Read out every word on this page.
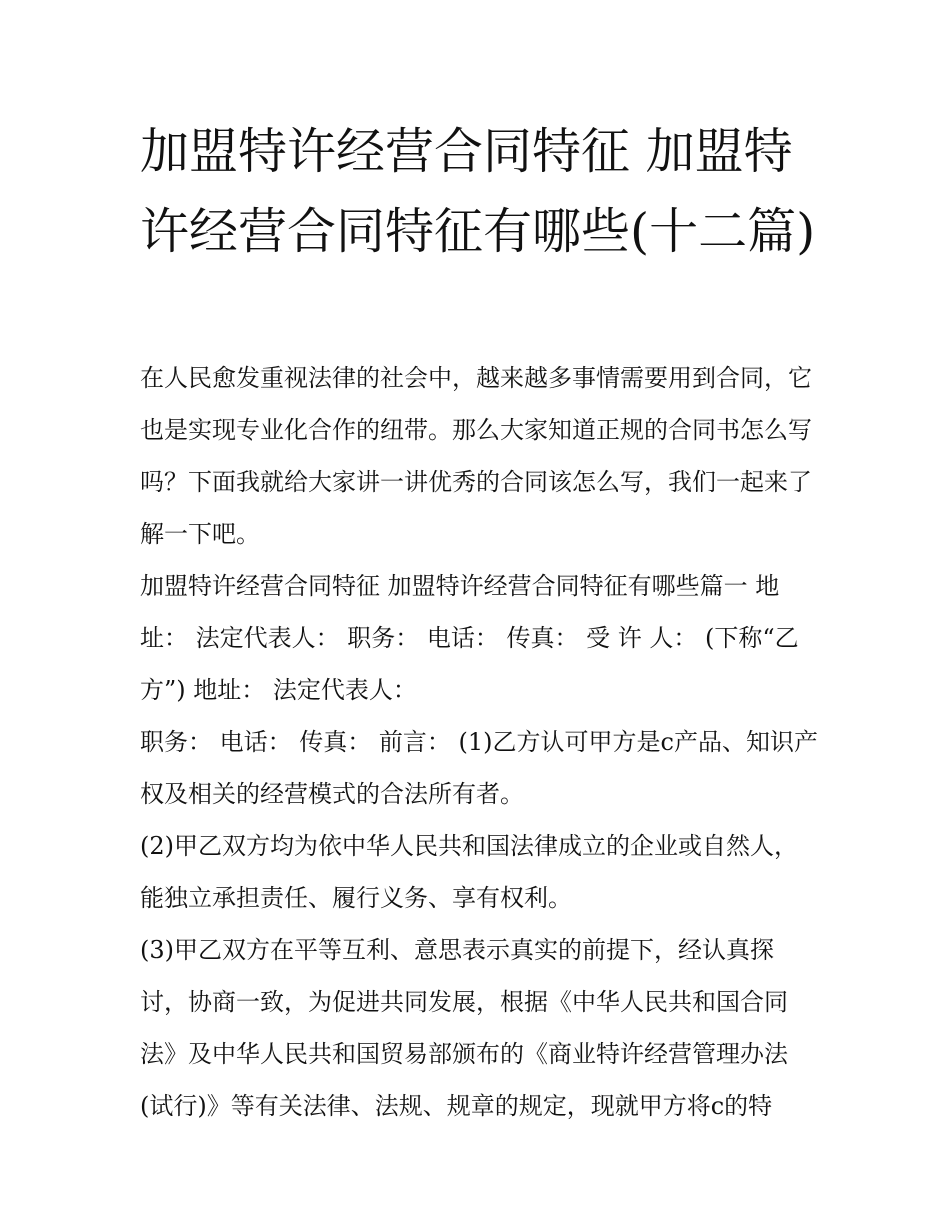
加盟特许经营合同特征 加盟特许经营合同特征有哪些(十二篇)

在人民愈发重视法律的社会中，越来越多事情需要用到合同，它也是实现专业化合作的纽带。那么大家知道正规的合同书怎么写吗？下面我就给大家讲一讲优秀的合同该怎么写，我们一起来了解一下吧。

加盟特许经营合同特征 加盟特许经营合同特征有哪些篇一 地址： 法定代表人： 职务： 电话： 传真： 受 许 人： (下称“乙方”) 地址： 法定代表人：

职务： 电话： 传真： 前言： (1)乙方认可甲方是c产品、知识产权及相关的经营模式的合法所有者。

(2)甲乙双方均为依中华人民共和国法律成立的企业或自然人，能独立承担责任、履行义务、享有权利。

(3)甲乙双方在平等互利、意思表示真实的前提下，经认真探讨，协商一致，为促进共同发展，根据《中华人民共和国合同法》及中华人民共和国贸易部颁布的《商业特许经营管理办法(试行)》等有关法律、法规、规章的规定，现就甲方将c的特
